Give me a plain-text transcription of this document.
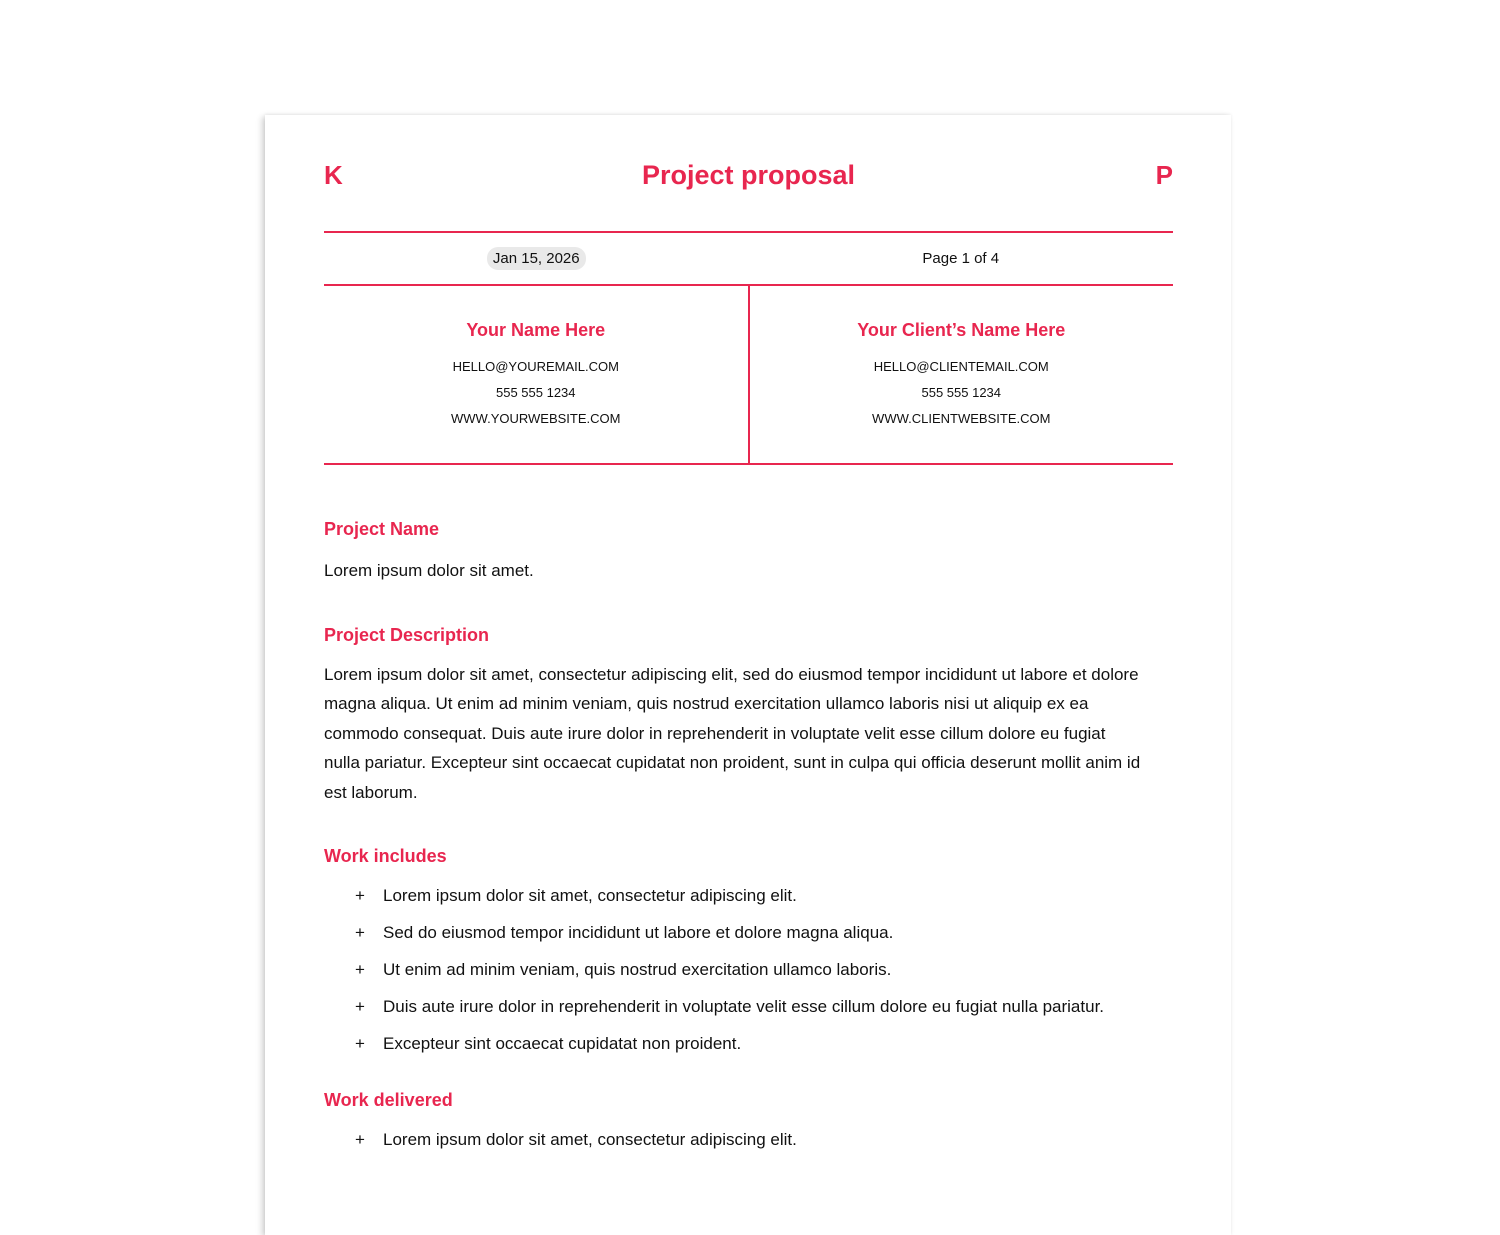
K	Project proposal	P
Jan 15, 2026	Page 1 of 4
Your Name Here
HELLO@YOUREMAIL.COM
555 555 1234
WWW.YOURWEBSITE.COM
Your Client’s Name Here
HELLO@CLIENTEMAIL.COM
555 555 1234
WWW.CLIENTWEBSITE.COM
Project Name

Lorem ipsum dolor sit amet.

Project Description

Lorem ipsum dolor sit amet, consectetur adipiscing elit, sed do eiusmod tempor incididunt ut labore et dolore magna aliqua. Ut enim ad minim veniam, quis nostrud exercitation ullamco laboris nisi ut aliquip ex ea commodo consequat. Duis aute irure dolor in reprehenderit in voluptate velit esse cillum dolore eu fugiat nulla pariatur. Excepteur sint occaecat cupidatat non proident, sunt in culpa qui officia deserunt mollit anim id est laborum.

Work includes
+ Lorem ipsum dolor sit amet, consectetur adipiscing elit.
+ Sed do eiusmod tempor incididunt ut labore et dolore magna aliqua.
+ Ut enim ad minim veniam, quis nostrud exercitation ullamco laboris.
+ Duis aute irure dolor in reprehenderit in voluptate velit esse cillum dolore eu fugiat nulla pariatur.
+ Excepteur sint occaecat cupidatat non proident.
Work delivered
+ Lorem ipsum dolor sit amet, consectetur adipiscing elit.
